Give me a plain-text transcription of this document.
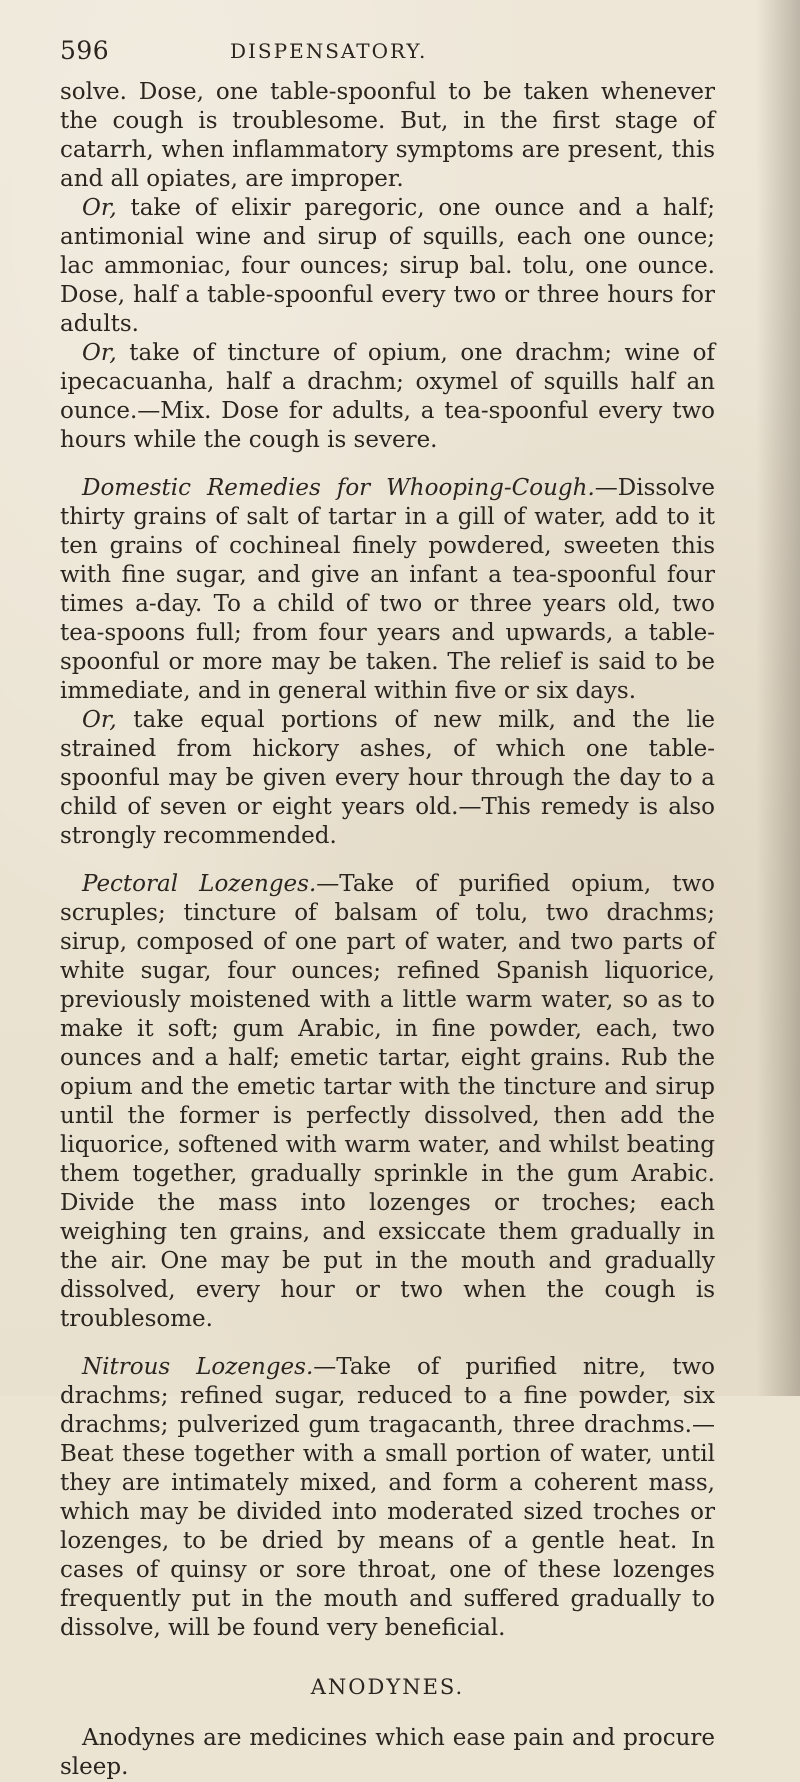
596	DISPENSATORY.

solve. Dose, one table-spoonful to be taken whenever the cough is troublesome. But, in the first stage of catarrh, when inflammatory symptoms are present, this and all opiates, are improper.

Or, take of elixir paregoric, one ounce and a half; antimonial wine and sirup of squills, each one ounce; lac ammoniac, four ounces; sirup bal. tolu, one ounce. Dose, half a table-spoonful every two or three hours for adults.

Or, take of tincture of opium, one drachm; wine of ipecacuanha, half a drachm; oxymel of squills half an ounce.—Mix. Dose for adults, a tea-spoonful every two hours while the cough is severe.

Domestic Remedies for Whooping-Cough.—Dissolve thirty grains of salt of tartar in a gill of water, add to it ten grains of cochineal finely powdered, sweeten this with fine sugar, and give an infant a tea-spoonful four times a-day. To a child of two or three years old, two tea-spoons full; from four years and upwards, a table-spoonful or more may be taken. The relief is said to be immediate, and in general within five or six days.

Or, take equal portions of new milk, and the lie strained from hickory ashes, of which one table-spoonful may be given every hour through the day to a child of seven or eight years old.—This remedy is also strongly recommended.

Pectoral Lozenges.—Take of purified opium, two scruples; tincture of balsam of tolu, two drachms; sirup, composed of one part of water, and two parts of white sugar, four ounces; refined Spanish liquorice, previously moistened with a little warm water, so as to make it soft; gum Arabic, in fine powder, each, two ounces and a half; emetic tartar, eight grains. Rub the opium and the emetic tartar with the tincture and sirup until the former is perfectly dissolved, then add the liquorice, softened with warm water, and whilst beating them together, gradually sprinkle in the gum Arabic. Divide the mass into lozenges or troches; each weighing ten grains, and exsiccate them gradually in the air. One may be put in the mouth and gradually dissolved, every hour or two when the cough is troublesome.

Nitrous Lozenges.—Take of purified nitre, two drachms; refined sugar, reduced to a fine powder, six drachms; pulverized gum tragacanth, three drachms.—Beat these together with a small portion of water, until they are intimately mixed, and form a coherent mass, which may be divided into moderated sized troches or lozenges, to be dried by means of a gentle heat. In cases of quinsy or sore throat, one of these lozenges frequently put in the mouth and suffered gradually to dissolve, will be found very beneficial.

ANODYNES.

Anodynes are medicines which ease pain and procure sleep.
